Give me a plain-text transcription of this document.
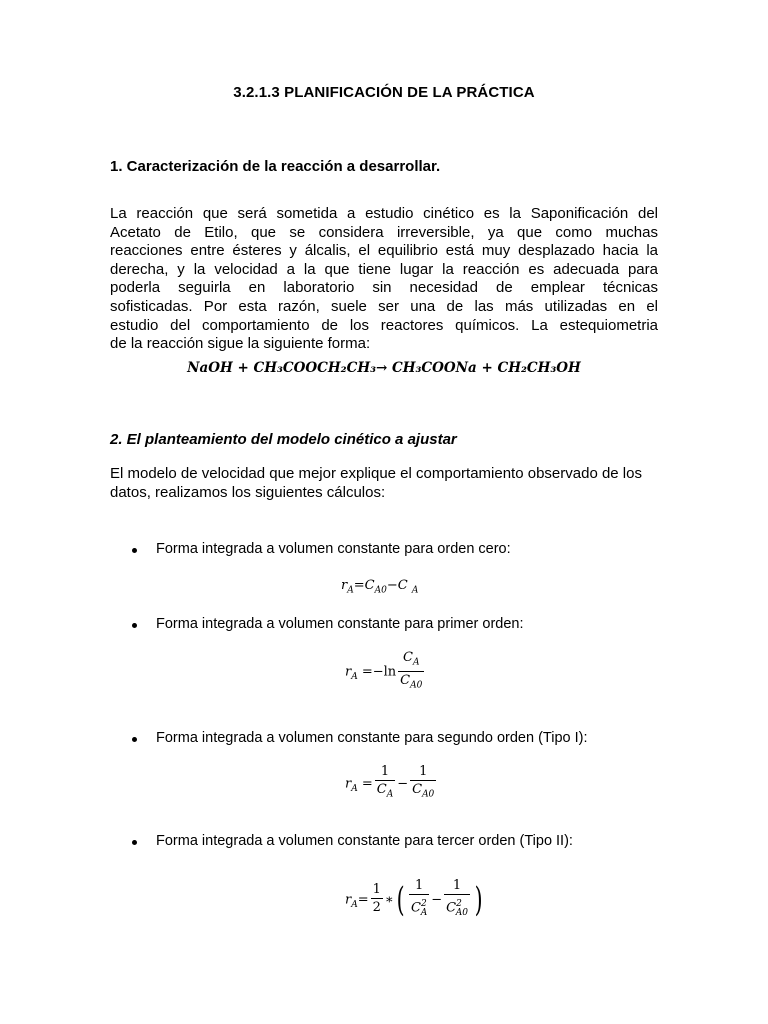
3.2.1.3 PLANIFICACIÓN DE LA PRÁCTICA
1. Caracterización de la reacción a desarrollar.
La reacción que será sometida a estudio cinético es la Saponificación del
Acetato de Etilo, que se considera irreversible, ya que como muchas
reacciones entre ésteres y álcalis, el equilibrio está muy desplazado hacia la
derecha, y la velocidad a la que tiene lugar la reacción es adecuada para
poderla seguirla en laboratorio sin necesidad de emplear técnicas
sofisticadas. Por esta razón, suele ser una de las más utilizadas en el
estudio del comportamiento de los reactores químicos. La estequiometria
de la reacción sigue la siguiente forma:
NaOH + CH₃COOCH₂CH₃→ CH₃COONa + CH₂CH₃OH
2. El planteamiento del modelo cinético a ajustar
El modelo de velocidad que mejor explique el comportamiento observado de los datos, realizamos los siguientes cálculos:
Forma integrada a volumen constante para orden cero:
$r_A=C_{A0}-C$ $_A$
Forma integrada a volumen constante para primer orden:
$r_A =-\ln \frac{C_A}{C_{A0}}$
Forma integrada a volumen constante para segundo orden (Tipo I):
$r_A = \frac{1}{C_A} - \frac{1}{C_{A0}}$
Forma integrada a volumen constante para tercer orden (Tipo II):
$r_A= \frac{1}{2}$ ∗( $\frac{1}{C^2_A} - \frac{1}{C^2_{A0}}$ )
